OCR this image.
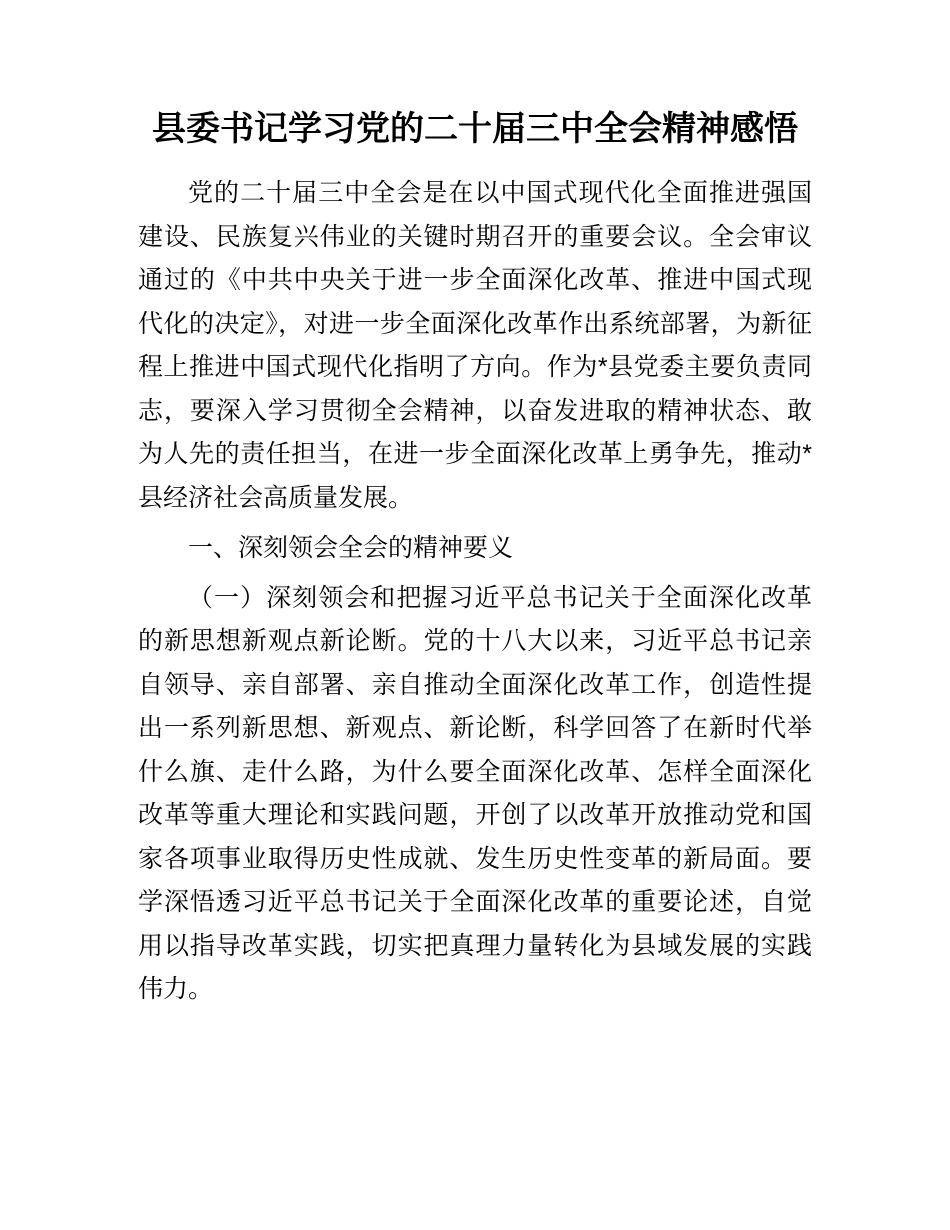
县委书记学习党的二十届三中全会精神感悟

党的二十届三中全会是在以中国式现代化全面推进强国建设、民族复兴伟业的关键时期召开的重要会议。全会审议通过的《中共中央关于进一步全面深化改革、推进中国式现代化的决定》，对进一步全面深化改革作出系统部署，为新征程上推进中国式现代化指明了方向。作为*县党委主要负责同志，要深入学习贯彻全会精神，以奋发进取的精神状态、敢为人先的责任担当，在进一步全面深化改革上勇争先，推动*县经济社会高质量发展。

一、深刻领会全会的精神要义

（一）深刻领会和把握习近平总书记关于全面深化改革的新思想新观点新论断。党的十八大以来，习近平总书记亲自领导、亲自部署、亲自推动全面深化改革工作，创造性提出一系列新思想、新观点、新论断，科学回答了在新时代举什么旗、走什么路，为什么要全面深化改革、怎样全面深化改革等重大理论和实践问题，开创了以改革开放推动党和国家各项事业取得历史性成就、发生历史性变革的新局面。要学深悟透习近平总书记关于全面深化改革的重要论述，自觉用以指导改革实践，切实把真理力量转化为县域发展的实践伟力。
